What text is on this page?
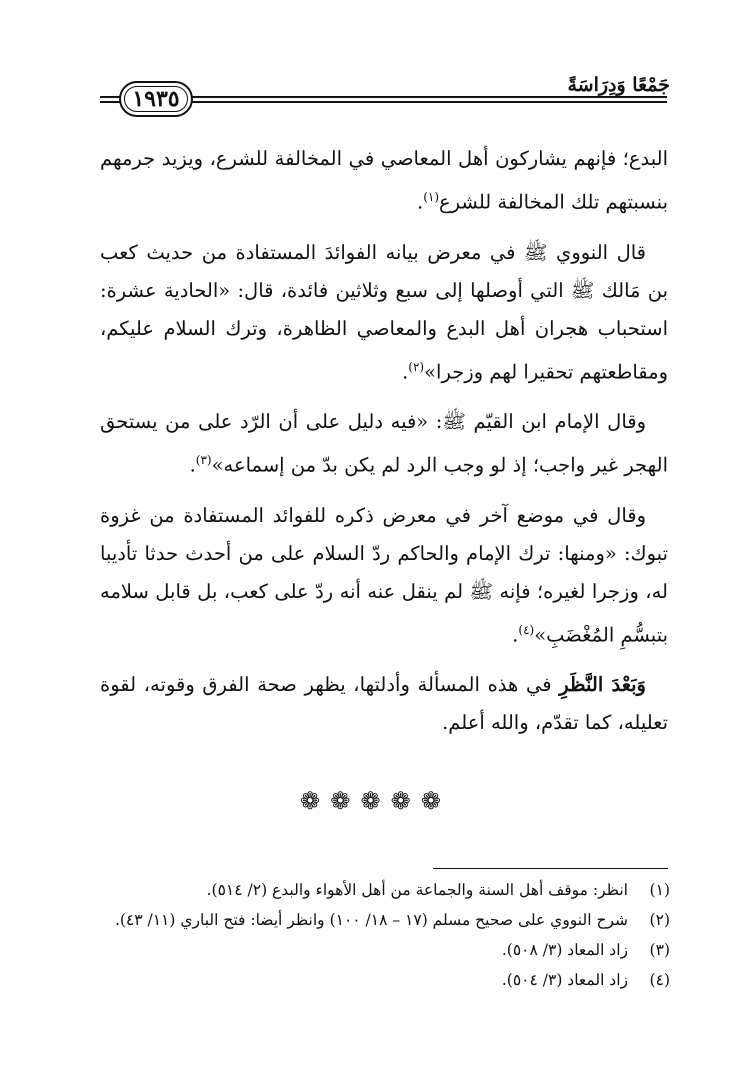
جَمْعًا وَدِرَاسَةً
١٩٣٥

البدع؛ فإنهم يشاركون أهل المعاصي في المخالفة للشرع، ويزيد جرمهم بنسبتهم تلك المخالفة للشرع$^{(١)}$.

قال النووي ﷺ في معرض بيانه الفوائدَ المستفادة من حديث كعب بن مَالك ﷺ التي أوصلها إلى سبع وثلاثين فائدة، قال: «الحادية عشرة: استحباب هجران أهل البدع والمعاصي الظاهرة، وترك السلام عليكم، ومقاطعتهم تحقيرا لهم وزجرا»$^{(٢)}$.

وقال الإمام ابن القيّم ﷺ: «فيه دليل على أن الرّد على من يستحق الهجر غير واجب؛ إذ لو وجب الرد لم يكن بدّ من إسماعه»$^{(٣)}$.

وقال في موضع آخر في معرض ذكره للفوائد المستفادة من غزوة تبوك: «ومنها: ترك الإمام والحاكم ردّ السلام على من أحدث حدثا تأديبا له، وزجرا لغيره؛ فإنه ﷺ لم ينقل عنه أنه ردّ على كعب، بل قابل سلامه بتبسُّمِ المُغْضَبِ»$^{(٤)}$.

وَبَعْدَ النَّظَرِ في هذه المسألة وأدلتها، يظهر صحة الفرق وقوته، لقوة تعليله، كما تقدّم، والله أعلم.

❁ ❁ ❁ ❁ ❁
(١)
انظر: موقف أهل السنة والجماعة من أهل الأهواء والبدع (٢/ ٥١٤).
(٢)
شرح النووي على صحيح مسلم (١٧ – ١٨/ ١٠٠) وانظر أيضا: فتح الباري (١١/ ٤٣).
(٣)
زاد المعاد (٣/ ٥٠٨).
(٤)
زاد المعاد (٣/ ٥٠٤).
